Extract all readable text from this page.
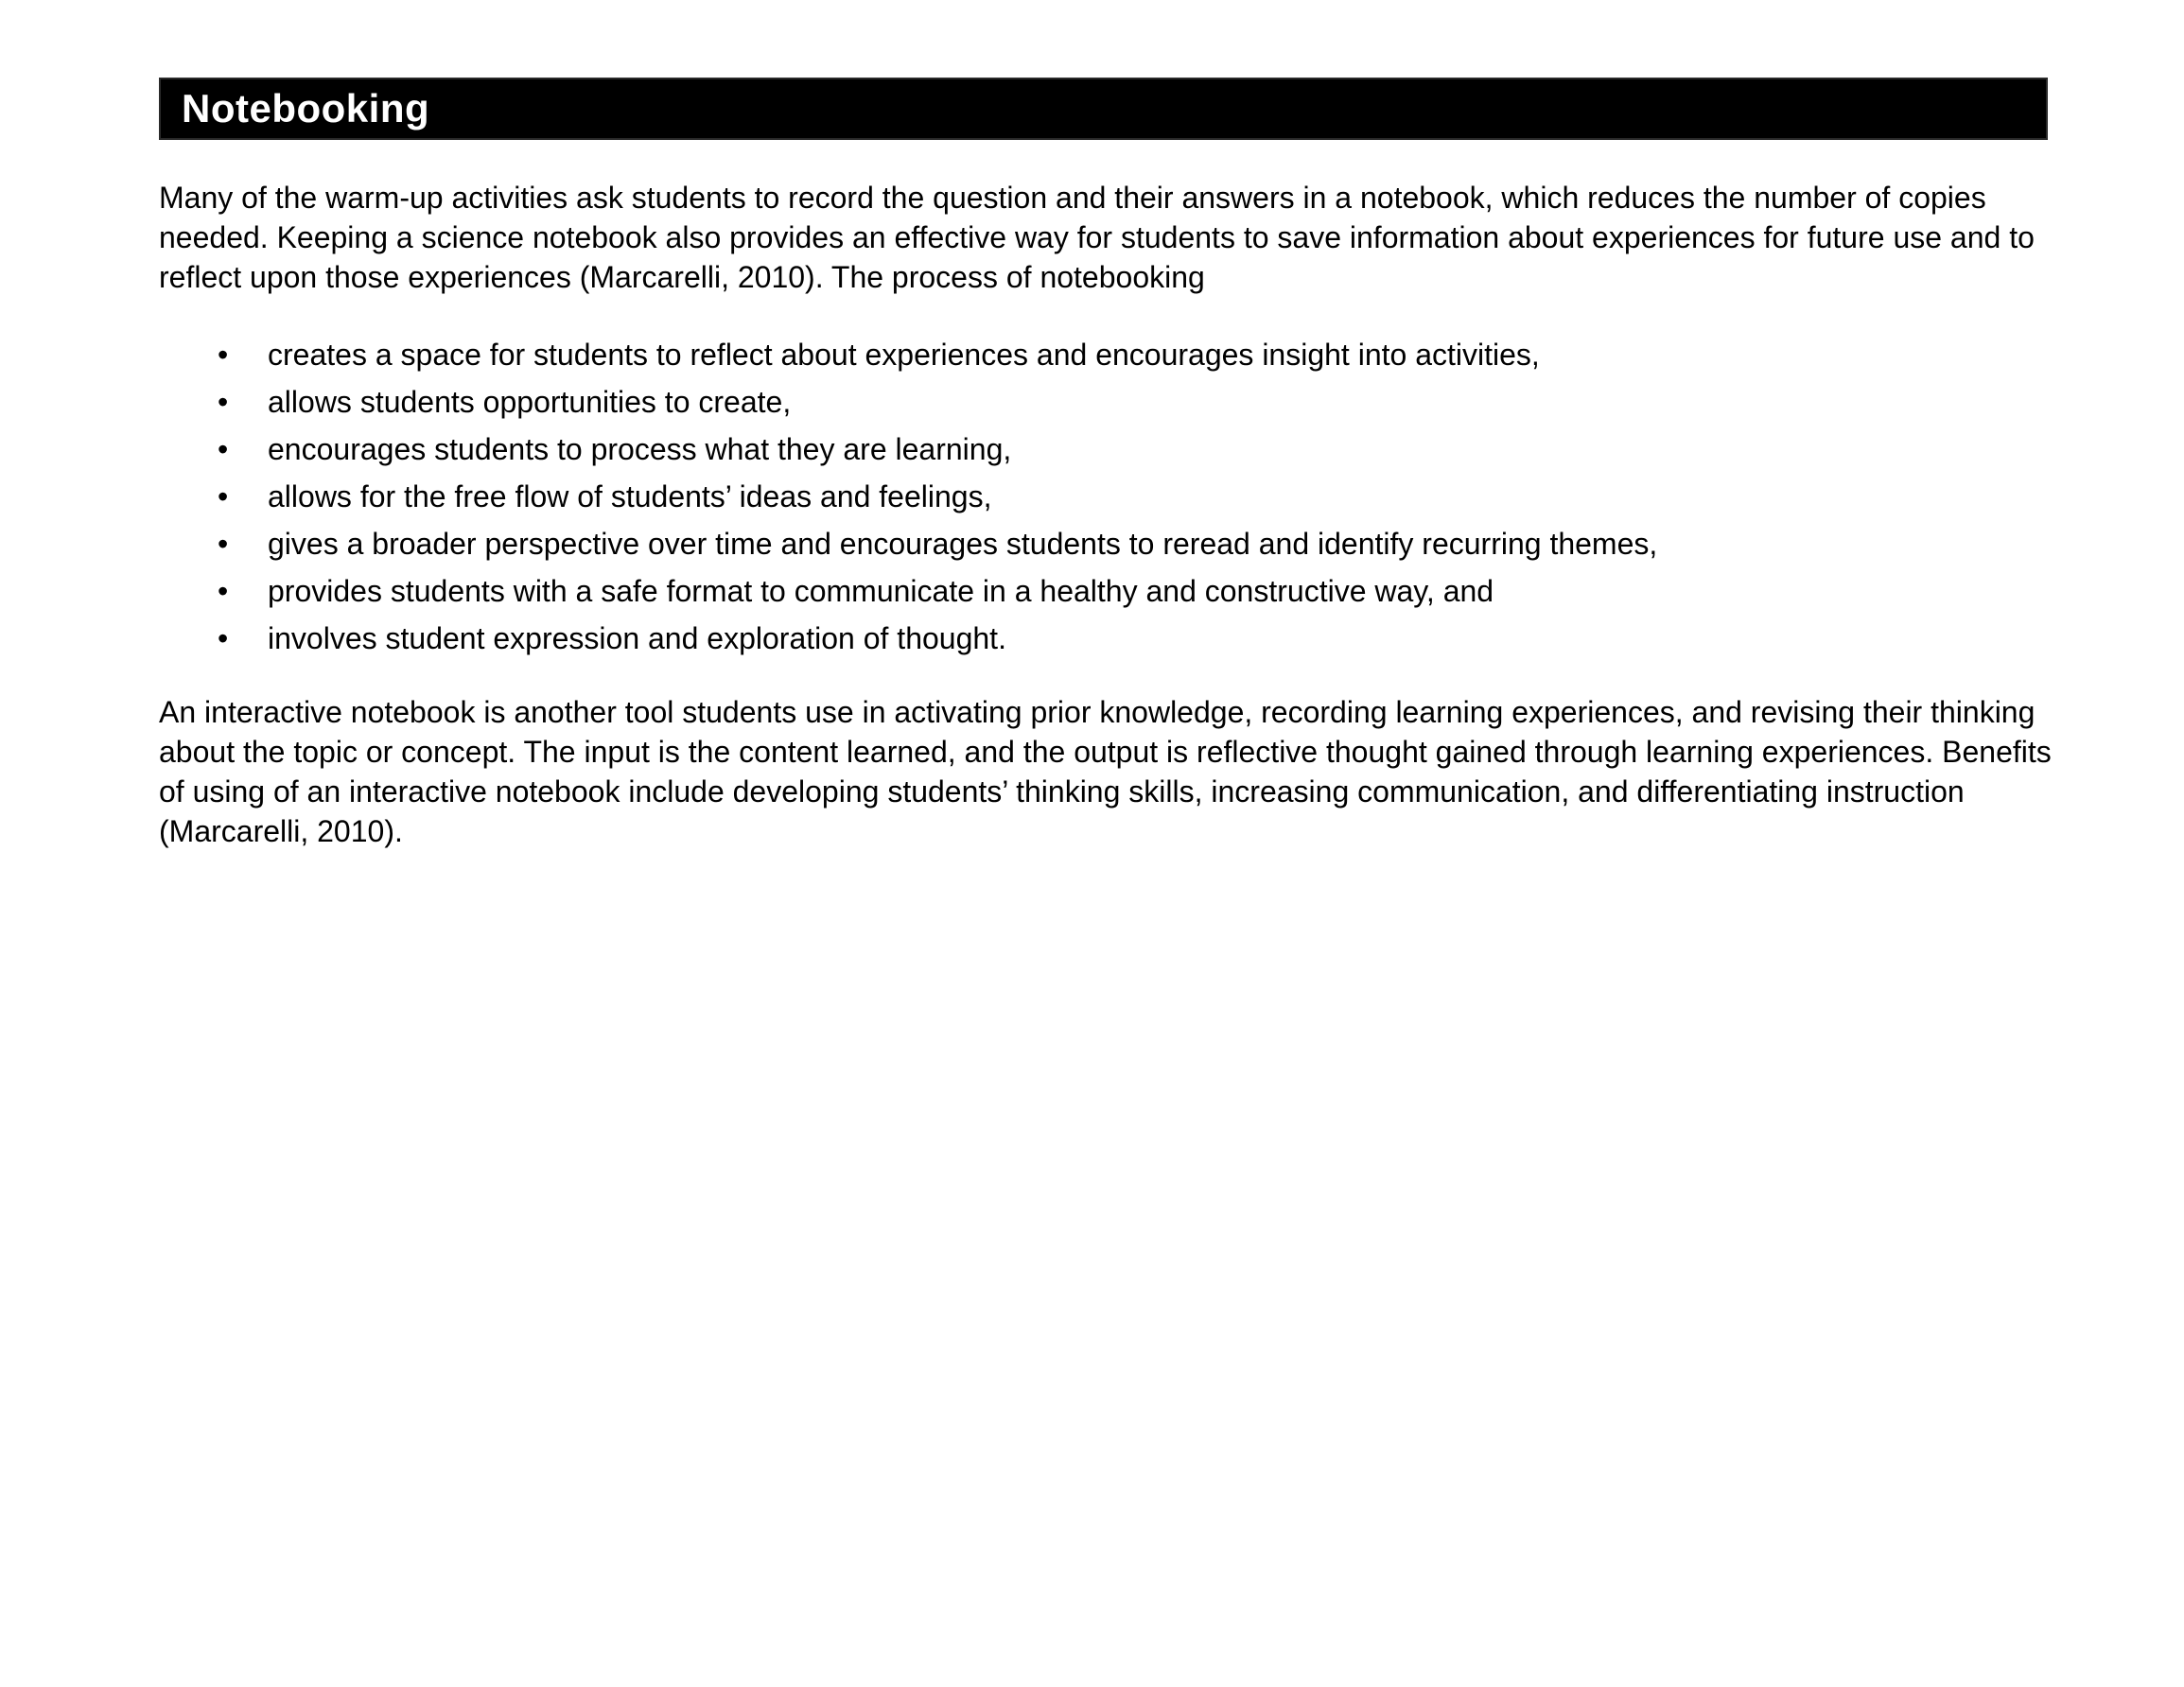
Notebooking

Many of the warm-up activities ask students to record the question and their answers in a notebook, which reduces the number of copies needed. Keeping a science notebook also provides an effective way for students to save information about experiences for future use and to reflect upon those experiences (Marcarelli, 2010). The process of notebooking

• creates a space for students to reflect about experiences and encourages insight into activities,
• allows students opportunities to create,
• encourages students to process what they are learning,
• allows for the free flow of students’ ideas and feelings,
• gives a broader perspective over time and encourages students to reread and identify recurring themes,
• provides students with a safe format to communicate in a healthy and constructive way, and
• involves student expression and exploration of thought.

An interactive notebook is another tool students use in activating prior knowledge, recording learning experiences, and revising their thinking about the topic or concept. The input is the content learned, and the output is reflective thought gained through learning experiences. Benefits of using of an interactive notebook include developing students’ thinking skills, increasing communication, and differentiating instruction (Marcarelli, 2010).
